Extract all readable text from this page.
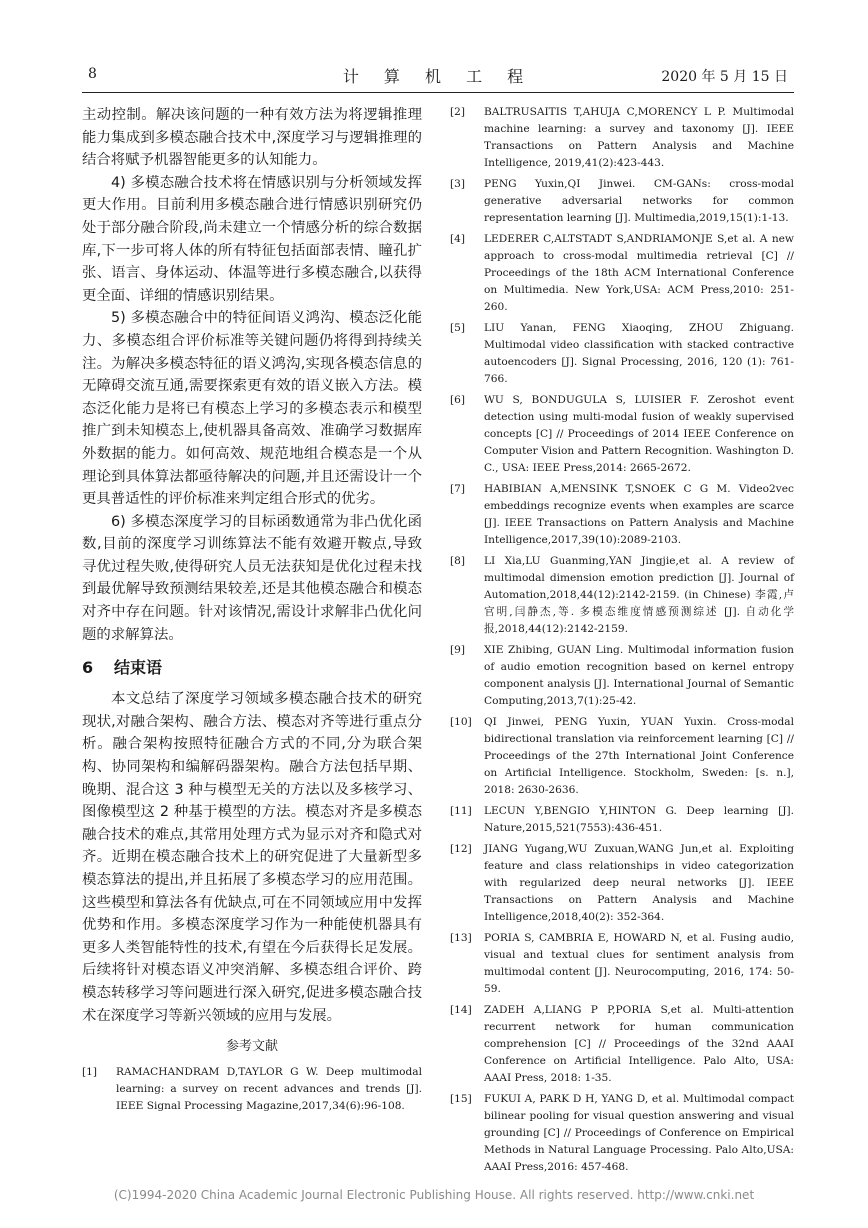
8	计 算 机 工 程	2020 年 5 月 15 日

主动控制。解决该问题的一种有效方法为将逻辑推理能力集成到多模态融合技术中,深度学习与逻辑推理的结合将赋予机器智能更多的认知能力。

4) 多模态融合技术将在情感识别与分析领域发挥更大作用。目前利用多模态融合进行情感识别研究仍处于部分融合阶段,尚未建立一个情感分析的综合数据库,下一步可将人体的所有特征包括面部表情、瞳孔扩张、语言、身体运动、体温等进行多模态融合,以获得更全面、详细的情感识别结果。

5) 多模态融合中的特征间语义鸿沟、模态泛化能力、多模态组合评价标准等关键问题仍将得到持续关注。为解决多模态特征的语义鸿沟,实现各模态信息的无障碍交流互通,需要探索更有效的语义嵌入方法。模态泛化能力是将已有模态上学习的多模态表示和模型推广到未知模态上,使机器具备高效、准确学习数据库外数据的能力。如何高效、规范地组合模态是一个从理论到具体算法都亟待解决的问题,并且还需设计一个更具普适性的评价标准来判定组合形式的优劣。

6) 多模态深度学习的目标函数通常为非凸优化函数,目前的深度学习训练算法不能有效避开鞍点,导致寻优过程失败,使得研究人员无法获知是优化过程未找到最优解导致预测结果较差,还是其他模态融合和模态对齐中存在问题。针对该情况,需设计求解非凸优化问题的求解算法。

6 结束语

本文总结了深度学习领域多模态融合技术的研究现状,对融合架构、融合方法、模态对齐等进行重点分析。融合架构按照特征融合方式的不同,分为联合架构、协同架构和编解码器架构。融合方法包括早期、晚期、混合这 3 种与模型无关的方法以及多核学习、图像模型这 2 种基于模型的方法。模态对齐是多模态融合技术的难点,其常用处理方式为显示对齐和隐式对齐。近期在模态融合技术上的研究促进了大量新型多模态算法的提出,并且拓展了多模态学习的应用范围。这些模型和算法各有优缺点,可在不同领域应用中发挥优势和作用。多模态深度学习作为一种能使机器具有更多人类智能特性的技术,有望在今后获得长足发展。后续将针对模态语义冲突消解、多模态组合评价、跨模态转移学习等问题进行深入研究,促进多模态融合技术在深度学习等新兴领域的应用与发展。

参考文献
[1]	RAMACHANDRAM D,TAYLOR G W. Deep multimodal learning: a survey on recent advances and trends [J]. IEEE Signal Processing Magazine,2017,34(6):96-108.
[2]	BALTRUSAITIS T,AHUJA C,MORENCY L P. Multimodal machine learning: a survey and taxonomy [J]. IEEE Transactions on Pattern Analysis and Machine Intelligence, 2019,41(2):423-443.
[3]	PENG Yuxin,QI Jinwei. CM-GANs: cross-modal generative adversarial networks for common representation learning [J]. Multimedia,2019,15(1):1-13.
[4]	LEDERER C,ALTSTADT S,ANDRIAMONJE S,et al. A new approach to cross-modal multimedia retrieval [C] // Proceedings of the 18th ACM International Conference on Multimedia. New York,USA: ACM Press,2010: 251-260.
[5]	LIU Yanan, FENG Xiaoqing, ZHOU Zhiguang. Multimodal video classification with stacked contractive autoencoders [J]. Signal Processing, 2016, 120 (1): 761-766.
[6]	WU S, BONDUGULA S, LUISIER F. Zeroshot event detection using multi-modal fusion of weakly supervised concepts [C] // Proceedings of 2014 IEEE Conference on Computer Vision and Pattern Recognition. Washington D. C., USA: IEEE Press,2014: 2665-2672.
[7]	HABIBIAN A,MENSINK T,SNOEK C G M. Video2vec embeddings recognize events when examples are scarce [J]. IEEE Transactions on Pattern Analysis and Machine Intelligence,2017,39(10):2089-2103.
[8]	LI Xia,LU Guanming,YAN Jingjie,et al. A review of multimodal dimension emotion prediction [J]. Journal of Automation,2018,44(12):2142-2159. (in Chinese) 李霞,卢官明,闫静杰,等. 多模态维度情感预测综述 [J]. 自动化学报,2018,44(12):2142-2159.
[9]	XIE Zhibing, GUAN Ling. Multimodal information fusion of audio emotion recognition based on kernel entropy component analysis [J]. International Journal of Semantic Computing,2013,7(1):25-42.
[10]	QI Jinwei, PENG Yuxin, YUAN Yuxin. Cross-modal bidirectional translation via reinforcement learning [C] // Proceedings of the 27th International Joint Conference on Artificial Intelligence. Stockholm, Sweden: [s. n.], 2018: 2630-2636.
[11]	LECUN Y,BENGIO Y,HINTON G. Deep learning [J]. Nature,2015,521(7553):436-451.
[12]	JIANG Yugang,WU Zuxuan,WANG Jun,et al. Exploiting feature and class relationships in video categorization with regularized deep neural networks [J]. IEEE Transactions on Pattern Analysis and Machine Intelligence,2018,40(2): 352-364.
[13]	PORIA S, CAMBRIA E, HOWARD N, et al. Fusing audio, visual and textual clues for sentiment analysis from multimodal content [J]. Neurocomputing, 2016, 174: 50-59.
[14]	ZADEH A,LIANG P P,PORIA S,et al. Multi-attention recurrent network for human communication comprehension [C] // Proceedings of the 32nd AAAI Conference on Artificial Intelligence. Palo Alto, USA: AAAI Press, 2018: 1-35.
[15]	FUKUI A, PARK D H, YANG D, et al. Multimodal compact bilinear pooling for visual question answering and visual grounding [C] // Proceedings of Conference on Empirical Methods in Natural Language Processing. Palo Alto,USA: AAAI Press,2016: 457-468.
(C)1994-2020 China Academic Journal Electronic Publishing House. All rights reserved. http://www.cnki.net
